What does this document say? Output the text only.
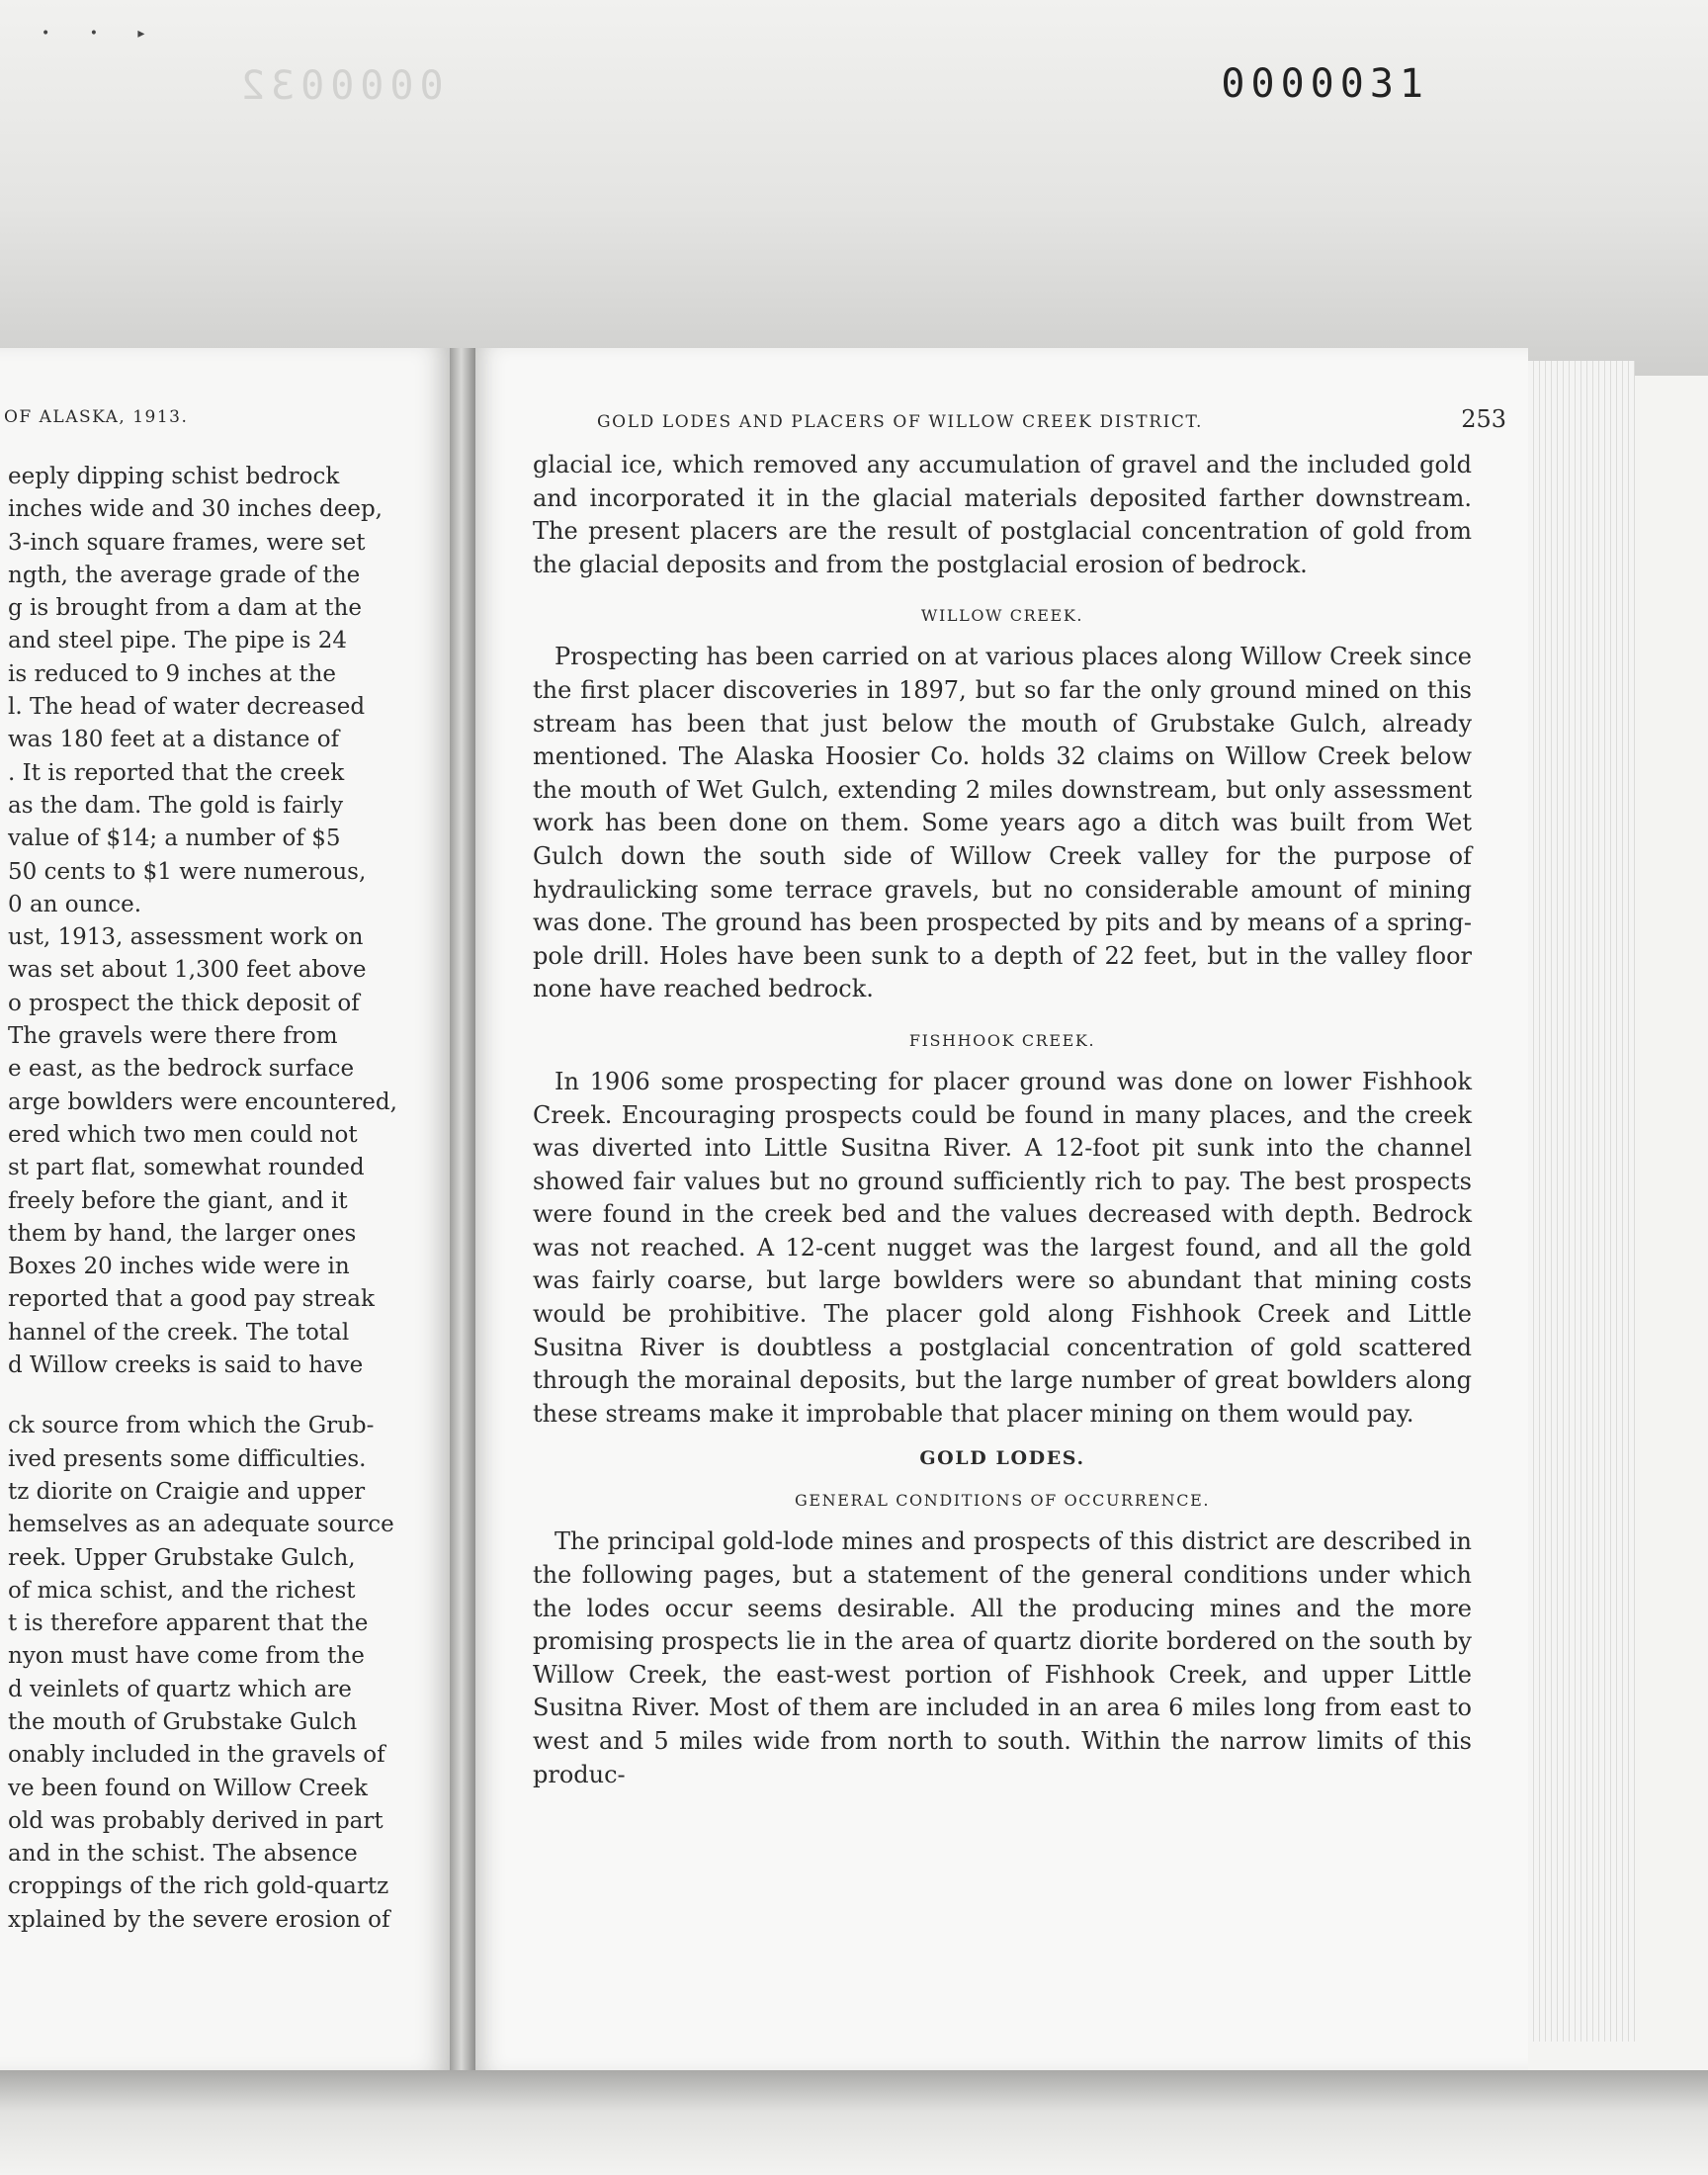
• • ▸
0000032	0000031
OF ALASKA, 1913.
eeply dipping schist bedrock
inches wide and 30 inches deep,
3-inch square frames, were set
ngth, the average grade of the
g is brought from a dam at the
and steel pipe. The pipe is 24
is reduced to 9 inches at the
l. The head of water decreased
was 180 feet at a distance of
. It is reported that the creek
as the dam. The gold is fairly
value of $14; a number of $5
50 cents to $1 were numerous,
0 an ounce.
ust, 1913, assessment work on
was set about 1,300 feet above
o prospect the thick deposit of
The gravels were there from
e east, as the bedrock surface
arge bowlders were encountered,
ered which two men could not
st part flat, somewhat rounded
freely before the giant, and it
them by hand, the larger ones
Boxes 20 inches wide were in
reported that a good pay streak
hannel of the creek. The total
d Willow creeks is said to have
ck source from which the Grub-
ived presents some difficulties.
tz diorite on Craigie and upper
hemselves as an adequate source
reek. Upper Grubstake Gulch,
of mica schist, and the richest
t is therefore apparent that the
nyon must have come from the
d veinlets of quartz which are
the mouth of Grubstake Gulch
onably included in the gravels of
ve been found on Willow Creek
old was probably derived in part
and in the schist. The absence
croppings of the rich gold-quartz
xplained by the severe erosion of
GOLD LODES AND PLACERS OF WILLOW CREEK DISTRICT.	253

glacial ice, which removed any accumulation of gravel and the included gold and incorporated it in the glacial materials deposited farther downstream. The present placers are the result of postglacial concentration of gold from the glacial deposits and from the postglacial erosion of bedrock.

WILLOW CREEK.

Prospecting has been carried on at various places along Willow Creek since the first placer discoveries in 1897, but so far the only ground mined on this stream has been that just below the mouth of Grubstake Gulch, already mentioned. The Alaska Hoosier Co. holds 32 claims on Willow Creek below the mouth of Wet Gulch, extending 2 miles downstream, but only assessment work has been done on them. Some years ago a ditch was built from Wet Gulch down the south side of Willow Creek valley for the purpose of hydraulicking some terrace gravels, but no considerable amount of mining was done. The ground has been prospected by pits and by means of a spring-pole drill. Holes have been sunk to a depth of 22 feet, but in the valley floor none have reached bedrock.

FISHHOOK CREEK.

In 1906 some prospecting for placer ground was done on lower Fishhook Creek. Encouraging prospects could be found in many places, and the creek was diverted into Little Susitna River. A 12-foot pit sunk into the channel showed fair values but no ground sufficiently rich to pay. The best prospects were found in the creek bed and the values decreased with depth. Bedrock was not reached. A 12-cent nugget was the largest found, and all the gold was fairly coarse, but large bowlders were so abundant that mining costs would be prohibitive. The placer gold along Fishhook Creek and Little Susitna River is doubtless a postglacial concentration of gold scattered through the morainal deposits, but the large number of great bowlders along these streams make it improbable that placer mining on them would pay.

GOLD LODES.
GENERAL CONDITIONS OF OCCURRENCE.

The principal gold-lode mines and prospects of this district are described in the following pages, but a statement of the general conditions under which the lodes occur seems desirable. All the producing mines and the more promising prospects lie in the area of quartz diorite bordered on the south by Willow Creek, the east-west portion of Fishhook Creek, and upper Little Susitna River. Most of them are included in an area 6 miles long from east to west and 5 miles wide from north to south. Within the narrow limits of this produc-
